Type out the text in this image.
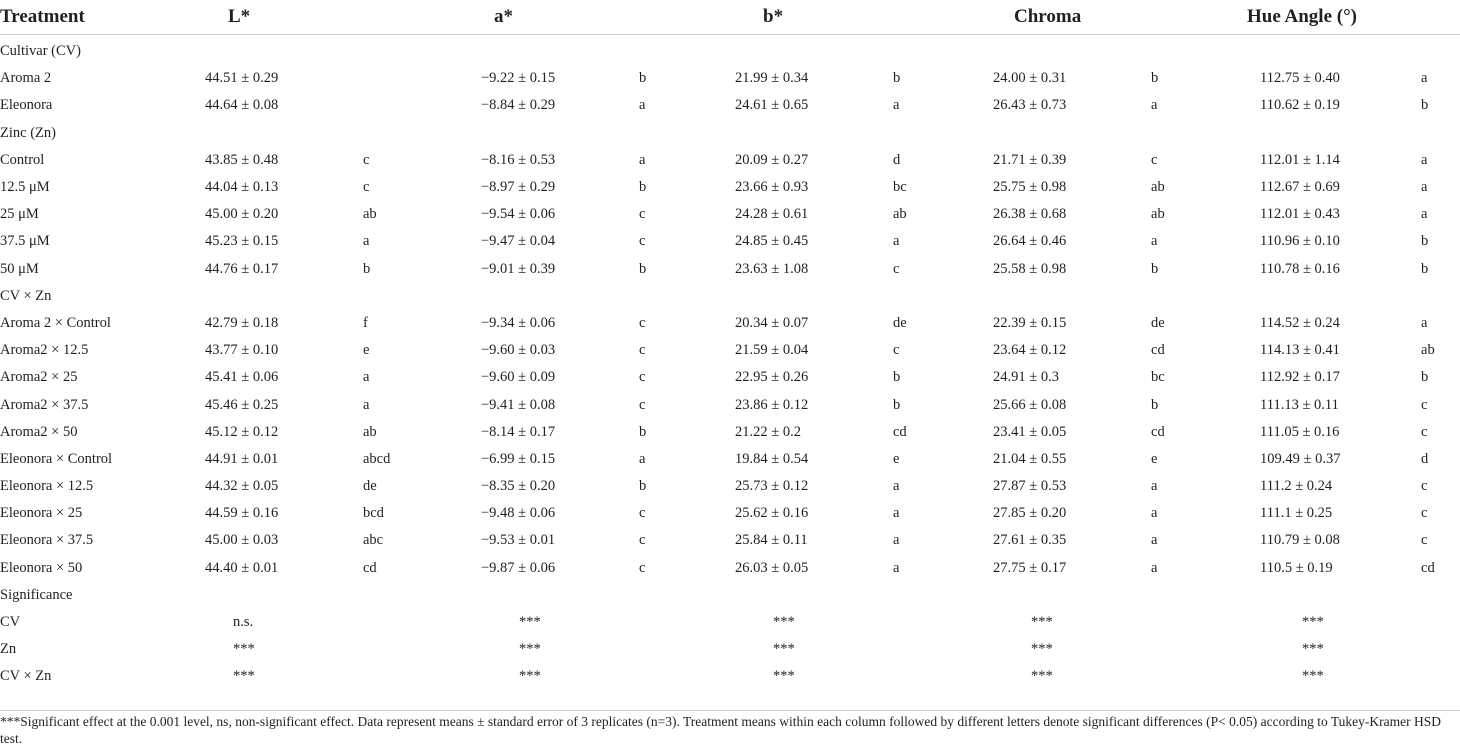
Treatment	L*		a*		b*		Chroma		Hue Angle (°)	
Cultivar (CV)										
Aroma 2	44.51 ± 0.29		−9.22 ± 0.15	b	21.99 ± 0.34	b	24.00 ± 0.31	b	112.75 ± 0.40	a
Eleonora	44.64 ± 0.08		−8.84 ± 0.29	a	24.61 ± 0.65	a	26.43 ± 0.73	a	110.62 ± 0.19	b
Zinc (Zn)										
Control	43.85 ± 0.48	c	−8.16 ± 0.53	a	20.09 ± 0.27	d	21.71 ± 0.39	c	112.01 ± 1.14	a
12.5 μM	44.04 ± 0.13	c	−8.97 ± 0.29	b	23.66 ± 0.93	bc	25.75 ± 0.98	ab	112.67 ± 0.69	a
25 μM	45.00 ± 0.20	ab	−9.54 ± 0.06	c	24.28 ± 0.61	ab	26.38 ± 0.68	ab	112.01 ± 0.43	a
37.5 μM	45.23 ± 0.15	a	−9.47 ± 0.04	c	24.85 ± 0.45	a	26.64 ± 0.46	a	110.96 ± 0.10	b
50 μM	44.76 ± 0.17	b	−9.01 ± 0.39	b	23.63 ± 1.08	c	25.58 ± 0.98	b	110.78 ± 0.16	b
CV × Zn										
Aroma 2 × Control	42.79 ± 0.18	f	−9.34 ± 0.06	c	20.34 ± 0.07	de	22.39 ± 0.15	de	114.52 ± 0.24	a
Aroma2 × 12.5	43.77 ± 0.10	e	−9.60 ± 0.03	c	21.59 ± 0.04	c	23.64 ± 0.12	cd	114.13 ± 0.41	ab
Aroma2 × 25	45.41 ± 0.06	a	−9.60 ± 0.09	c	22.95 ± 0.26	b	24.91 ± 0.3	bc	112.92 ± 0.17	b
Aroma2 × 37.5	45.46 ± 0.25	a	−9.41 ± 0.08	c	23.86 ± 0.12	b	25.66 ± 0.08	b	111.13 ± 0.11	c
Aroma2 × 50	45.12 ± 0.12	ab	−8.14 ± 0.17	b	21.22 ± 0.2	cd	23.41 ± 0.05	cd	111.05 ± 0.16	c
Eleonora × Control	44.91 ± 0.01	abcd	−6.99 ± 0.15	a	19.84 ± 0.54	e	21.04 ± 0.55	e	109.49 ± 0.37	d
Eleonora × 12.5	44.32 ± 0.05	de	−8.35 ± 0.20	b	25.73 ± 0.12	a	27.87 ± 0.53	a	111.2 ± 0.24	c
Eleonora × 25	44.59 ± 0.16	bcd	−9.48 ± 0.06	c	25.62 ± 0.16	a	27.85 ± 0.20	a	111.1 ± 0.25	c
Eleonora × 37.5	45.00 ± 0.03	abc	−9.53 ± 0.01	c	25.84 ± 0.11	a	27.61 ± 0.35	a	110.79 ± 0.08	c
Eleonora × 50	44.40 ± 0.01	cd	−9.87 ± 0.06	c	26.03 ± 0.05	a	27.75 ± 0.17	a	110.5 ± 0.19	cd
Significance										
CV	n.s.		***		***		***		***	
Zn	***		***		***		***		***	
CV × Zn	***		***		***		***		***	
***Significant effect at the 0.001 level, ns, non-significant effect. Data represent means ± standard error of 3 replicates (n=3). Treatment means within each column followed by different letters denote significant differences (P< 0.05) according to Tukey-Kramer HSD test.
